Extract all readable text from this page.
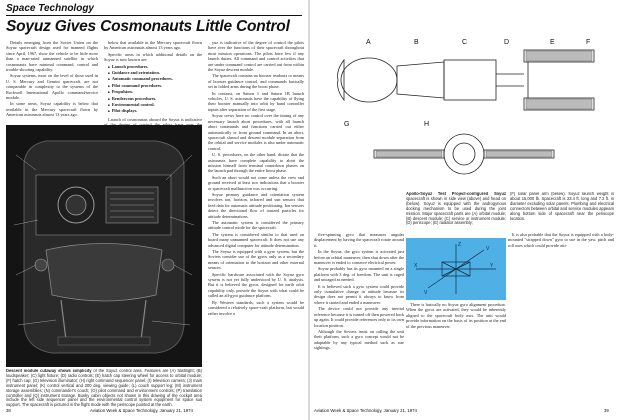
Space Technology
Soyuz Gives Cosmonauts Little Control

Details emerging from the Soviet Union on the Soyuz spacecraft design used for manned flights since April, 1967, show the vehicle to be little more than a man-rated unmanned satellite in which cosmonauts have minimal command, control and trouble-shooting capability.

Soyuz systems, most on the level of those used in U. S. Mercury and Gemini spacecraft, are not comparable in complexity to the systems of the Rockwell International Apollo command/service module.

In some areas, Soyuz capability is below that available in the Mercury spacecraft flown by American astronauts almost 13 years ago.

below that available in the Mercury spacecraft flown by American astronauts almost 13 years ago.

Specific areas in which additional details on the Soyuz is now known are:

■ Launch procedures.
■ Guidance and orientation.
■ Automatic command procedures.
■ Pilot command procedures.
■ Propulsion.
■ Rendezvous procedures.
■ Environmental control.
■ Pilot displays.

Launch of cosmonauts aboard the Soyuz is indicative

yuz is indicative of the degree of control the pilots have over the functions of their spacecraft throughout most mission operations. The pilots have few if any launch duties. All command and control activities that are under command control are carried out from within the Soyuz descent module.

The spacecraft contains no booster readouts or means of booster guidance control, and commands basically set in folded arms during the boost phase.

In contrast, on Saturn 1 and Saturn 1B launch vehicles, U. S. astronauts have the capability of flying their booster manually into orbit by hand controller inputs after separation of the first stage.

Soyuz crews have no control over the timing of any necessary launch abort procedures, with all launch abort commands and functions carried out either automatically or from ground command. In an abort, spacecraft shroud and descent module separation from the orbital and service modules is also under automatic control.

U. S. procedures, on the other hand, dictate that the astronauts have complete capability to abort the mission himself from terminal countdown phases on the launch pad through the entire boost phase.

Such an abort would not come unless the crew and ground received at least two indications that a booster or spacecraft malfunction was occurring.

Soyuz primary guidance and orientation system involves ion, horizon, infrared and sun sensors that feed data for automatic attitude positioning. Ion sensors detect the directional flow of ionized particles for attitude determinations.

The automatic system is considered the primary attitude control mode for the spacecraft.

The system is considered similar to that used on board many unmanned spacecraft. It does not use any advanced digital computer for attitude determination.

The Soyuz is equipped with a gyro system, but the Soviets consider use of the gyros only as a secondary means of orientation to the horizon and other external sensors.

Specific hardware associated with the Soyuz gyro system is not yet fully understood by U. S. analysts. But it is believed the gyros, designed for earth orbit capability only, provide the Soyuz with what could be called an all-gyro guidance platform.

By Western standards, such a system would be considered a relatively space-craft platform, but would rather involve a

Descent module cutaway shows simplicity of the Soyuz control area. Features are (A) flashlight; (B) loudspeaker; (C) light fixture; (D) radio controls; (E) hatch cap steering wheel for access to orbital module; (F) hatch cap; (G) television illuminator; (H) right command sequencer panel; (I) television camera; (J) main instrument panel; (K) control vertical and 300 deg. viewing guide; (L) couch support leg; (M) instrument storage assemblies; (N) commander's couch; (O) pilot command and environment controls; (P) translation controller and (Q) instrument storage. Bunky cabin objects not shown in this drawing of the cockpit area include the left side sequencer panel and the environmental control system equipment for space suit support. The spacecraft is pictured in the flight mode with the periscope pointed at the earth.
38	Aviation Week & Space Technology, January 21, 1974
A	B	C	D	E	F
G	H
Apollo-Soyuz Test Project-configured Soyuz spacecraft is shown in side view (above) and head on (below). Soyuz is equipped with the androgynous docking mechanism to be used during the joint mission. Major spacecraft parts are (A) orbital module; (B) descent module; (C) service or instrument module; (D) periscope; (E) radiator assembly;
(F) solar panel arm (below). Soyuz launch weight is about 15,000 lb. Spacecraft is 23.4 ft. long and 7.2 ft. in diameter excluding solar panels. Plumbing and electrical connectors between orbital and service modules appears along bottom side of spacecraft near the periscope location.

five-spinning gyro that measures angular displacement by having the spacecraft rotate around it.

In the Soyuz, the gyro system is activated just before an orbital maneuver, then shut down after the maneuver is ended to conserve electrical power.

Soyuz probably has its gyro mounted on a single platform with 3 deg. of freedom. The unit is caged and uncaged as needed.

It is believed such a gyro system could provide only cumulative change in attitude because its design does not permit it always to know from where it started and ended a maneuver.

The device could not provide any inertial reference because it is turned off then powered back up again. It could provide references only to its own location position.

Although the Soviets insist on calling the unit their platform, such a gyro concept would not be adaptable by any typical method such as star sightings.

Z
Y
V
X
V

There is basically no Soyuz gyro alignment procedure. When the gyros are activated, they would be inherently aligned to the spacecraft body axis. The unit would provide information on the basis of its position at the end of the previous maneuver.

It is also probable that the Soyuz is equipped with a body-mounted "strapped down" gyro to use in the yaw, pitch and roll axes which could provide atti-

Aviation Week & Space Technology, January 21, 1974	39
